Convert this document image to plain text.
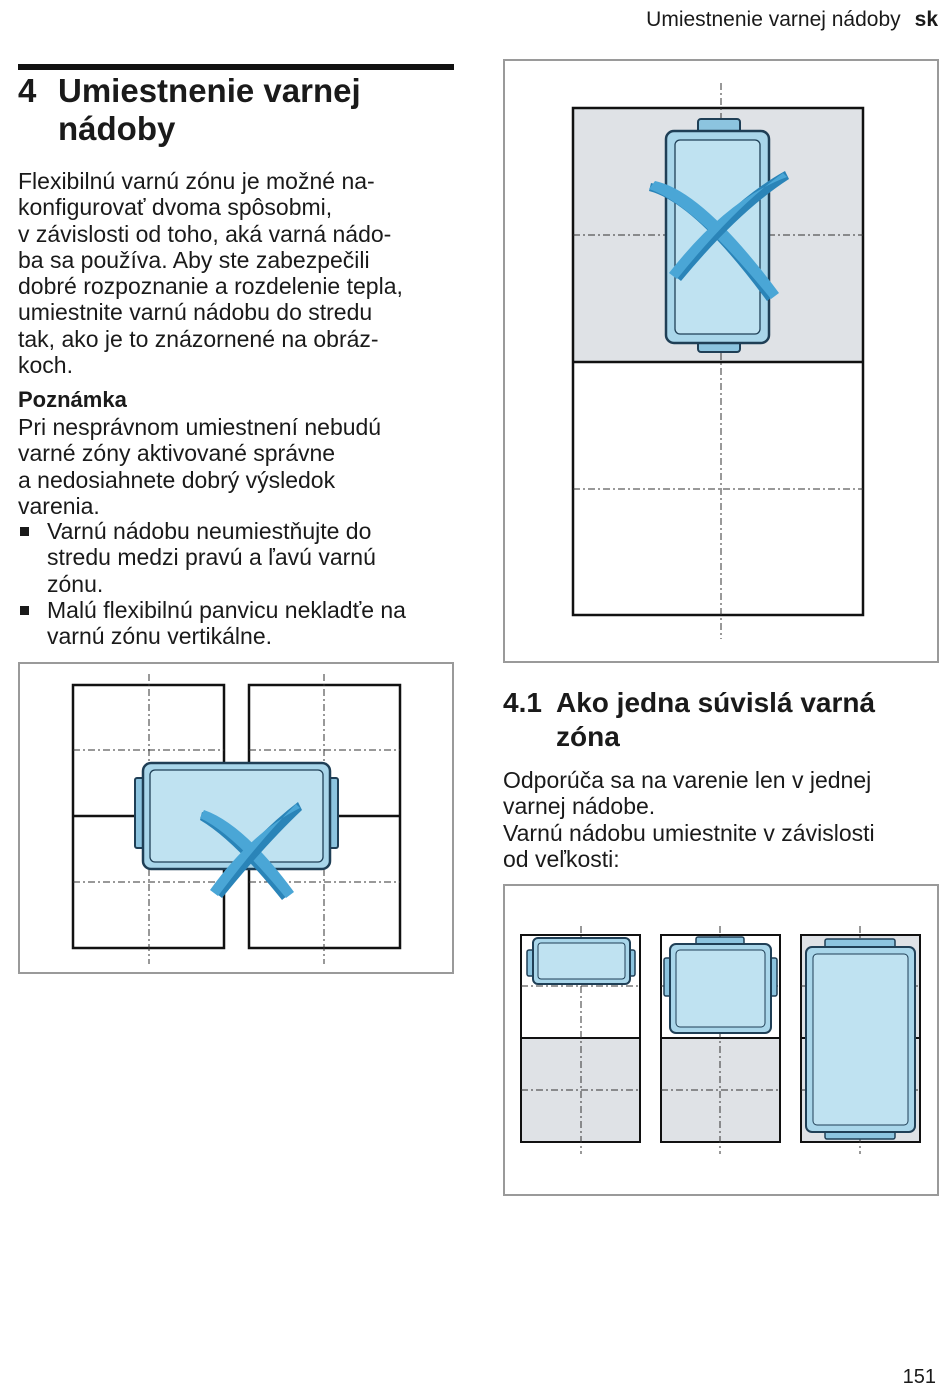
Umiestnenie varnej nádoby sk
4 Umiestnenie varnej nádoby

Flexibilnú varnú zónu je možné na-
konfigurovať dvoma spôsobmi,
v závislosti od toho, aká varná nádo-
ba sa používa. Aby ste zabezpečili
dobré rozpoznanie a rozdelenie tepla,
umiestnite varnú nádobu do stredu
tak, ako je to znázornené na obráz-
koch.

Poznámka

Pri nesprávnom umiestnení nebudú
varné zóny aktivované správne
a nedosiahnete dobrý výsledok
varenia.

Varnú nádobu neumiestňujte do
stredu medzi pravú a ľavú varnú
zónu.
Malú flexibilnú panvicu nekladťe na
varnú zónu vertikálne.
4.1 Ako jedna súvislá varná
zóna

Odporúča sa na varenie len v jednej
varnej nádobe.
Varnú nádobu umiestnite v závislosti
od veľkosti:

151
